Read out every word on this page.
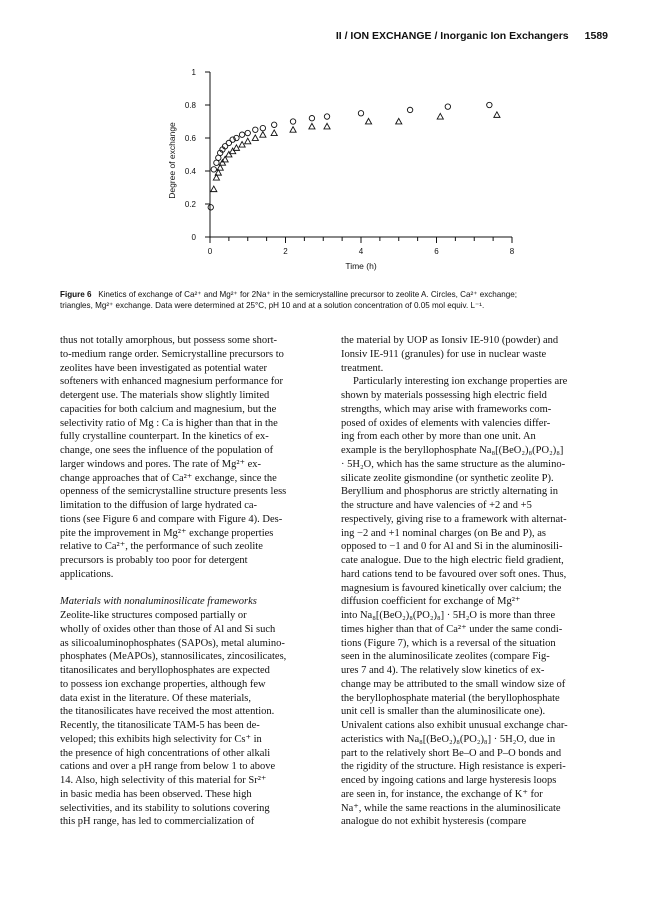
II / ION EXCHANGE / Inorganic Ion Exchangers 1589
0
0.2
0.4
0.6
0.8
1
0	2	4	6	8
Time (h)
Degree of exchange
Figure 6 Kinetics of exchange of Ca²⁺ and Mg²⁺ for 2Na⁺ in the semicrystalline precursor to zeolite A. Circles, Ca²⁺ exchange;
triangles, Mg²⁺ exchange. Data were determined at 25°C, pH 10 and at a solution concentration of 0.05 mol equiv. L⁻¹.

thus not totally amorphous, but possess some short-

to-medium range order. Semicrystalline precursors to

zeolites have been investigated as potential water

softeners with enhanced magnesium performance for

detergent use. The materials show slightly limited

capacities for both calcium and magnesium, but the

selectivity ratio of Mg : Ca is higher than that in the

fully crystalline counterpart. In the kinetics of ex-

change, one sees the influence of the population of

larger windows and pores. The rate of Mg²⁺ ex-

change approaches that of Ca²⁺ exchange, since the

openness of the semicrystalline structure presents less

limitation to the diffusion of large hydrated ca-

tions (see Figure 6 and compare with Figure 4). Des-

pite the improvement in Mg²⁺ exchange properties

relative to Ca²⁺, the performance of such zeolite

precursors is probably too poor for detergent

applications.

Materials with nonaluminosilicate frameworks

Zeolite-like structures composed partially or

wholly of oxides other than those of Al and Si such

as silicoaluminophosphates (SAPOs), metal alumino-

phosphates (MeAPOs), stannosilicates, zincosilicates,

titanosilicates and beryllophosphates are expected

to possess ion exchange properties, although few

data exist in the literature. Of these materials,

the titanosilicates have received the most attention.

Recently, the titanosilicate TAM-5 has been de-

veloped; this exhibits high selectivity for Cs⁺ in

the presence of high concentrations of other alkali

cations and over a pH range from below 1 to above

14. Also, high selectivity of this material for Sr²⁺

in basic media has been observed. These high

selectivities, and its stability to solutions covering

this pH range, has led to commercialization of

the material by UOP as Ionsiv IE-910 (powder) and

Ionsiv IE-911 (granules) for use in nuclear waste

treatment.

Particularly interesting ion exchange properties are

shown by materials possessing high electric field

strengths, which may arise with frameworks com-

posed of oxides of elements with valencies differ-

ing from each other by more than one unit. An

example is the beryllophosphate Na₈[(BeO₂)₈(PO₂)₈]

· 5H₂O, which has the same structure as the alumino-

silicate zeolite gismondine (or synthetic zeolite P).

Beryllium and phosphorus are strictly alternating in

the structure and have valencies of +2 and +5

respectively, giving rise to a framework with alternat-

ing −2 and +1 nominal charges (on Be and P), as

opposed to −1 and 0 for Al and Si in the aluminosili-

cate analogue. Due to the high electric field gradient,

hard cations tend to be favoured over soft ones. Thus,

magnesium is favoured kinetically over calcium; the

diffusion coefficient for exchange of Mg²⁺

into Na₈[(BeO₂)₈(PO₂)₈] · 5H₂O is more than three

times higher than that of Ca²⁺ under the same condi-

tions (Figure 7), which is a reversal of the situation

seen in the aluminosilicate zeolites (compare Fig-

ures 7 and 4). The relatively slow kinetics of ex-

change may be attributed to the small window size of

the beryllophosphate material (the beryllophosphate

unit cell is smaller than the aluminosilicate one).

Univalent cations also exhibit unusual exchange char-

acteristics with Na₈[(BeO₂)₈(PO₂)₈] · 5H₂O, due in

part to the relatively short Be–O and P–O bonds and

the rigidity of the structure. High resistance is experi-

enced by ingoing cations and large hysteresis loops

are seen in, for instance, the exchange of K⁺ for

Na⁺, while the same reactions in the aluminosilicate

analogue do not exhibit hysteresis (compare
